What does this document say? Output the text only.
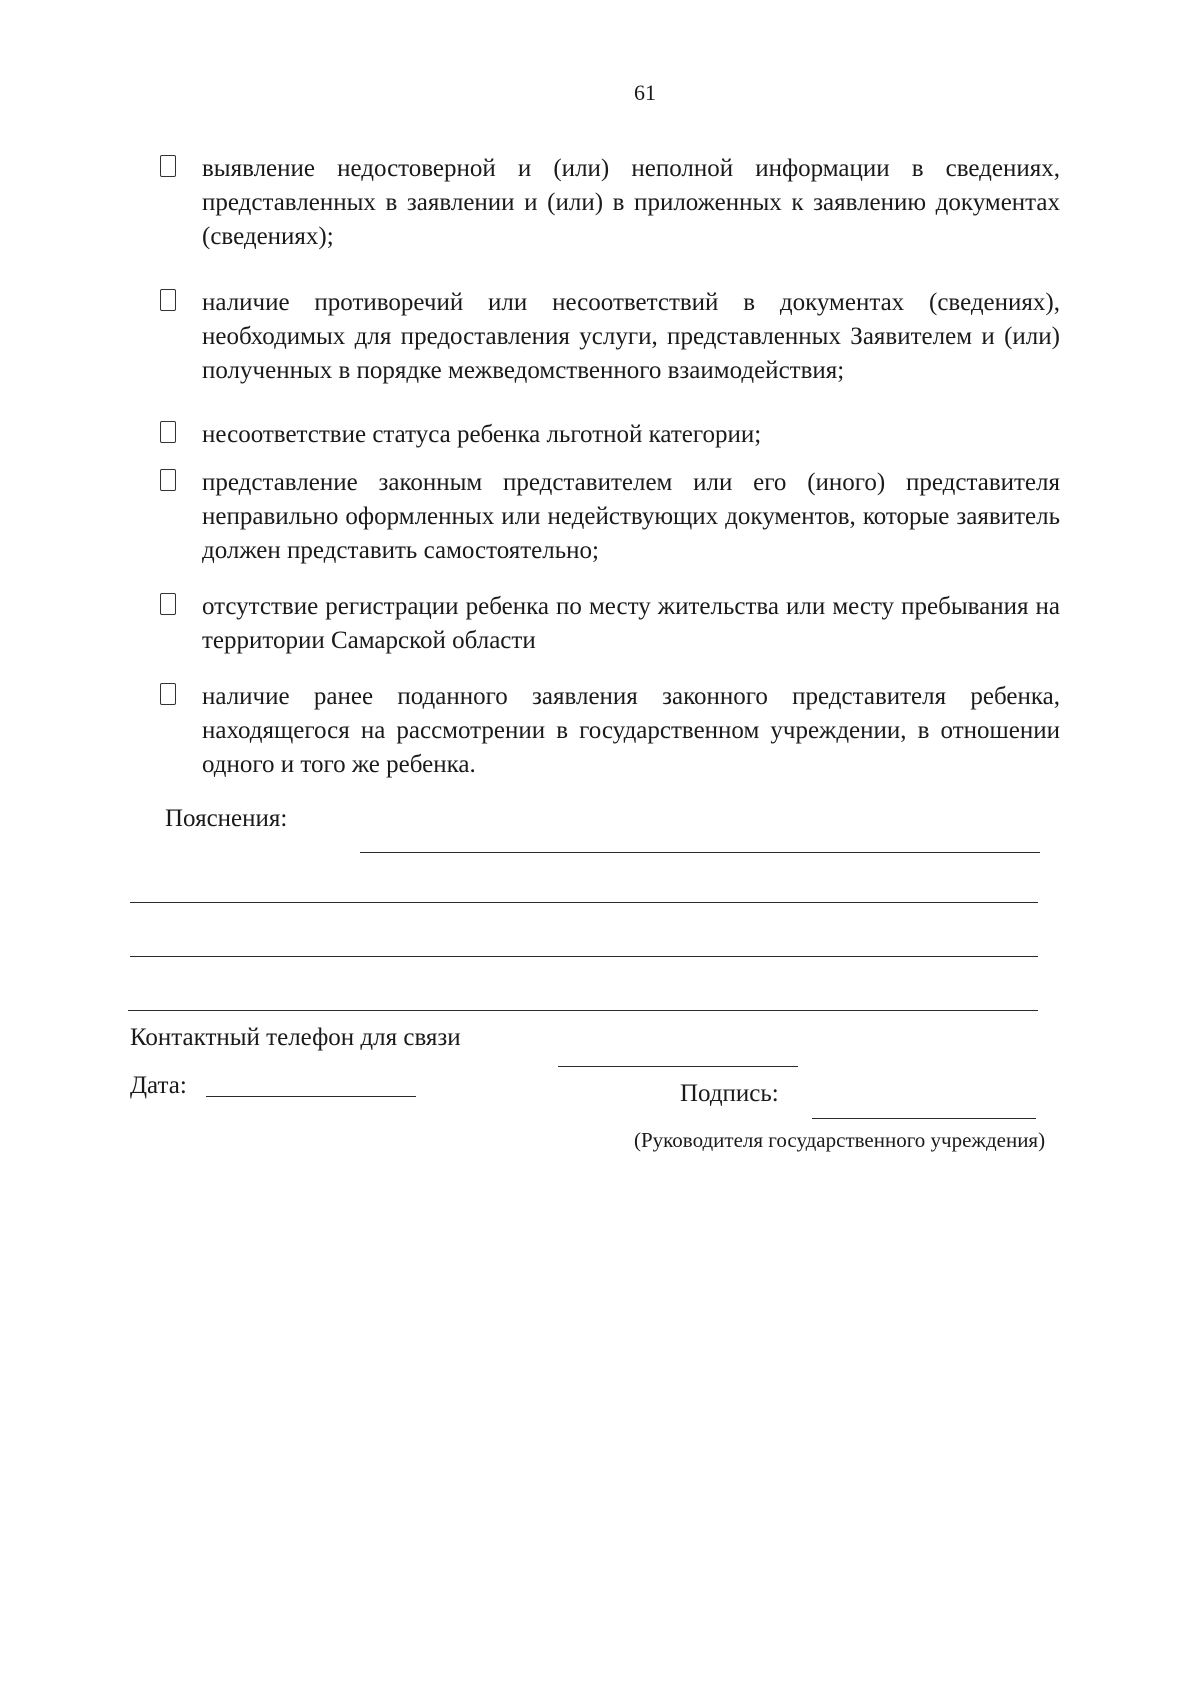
61
выявление недостоверной и (или) неполной информации в сведениях, представленных в заявлении и (или) в приложенных к заявлению документах (сведениях);
наличие противоречий или несоответствий в документах (сведениях), необходимых для предоставления услуги, представленных Заявителем и (или) полученных в порядке межведомственного взаимодействия;
несоответствие статуса ребенка льготной категории;
представление законным представителем или его (иного) представителя неправильно оформленных или недействующих документов, которые заявитель должен представить самостоятельно;
отсутствие регистрации ребенка по месту жительства или месту пребывания на территории Самарской области
наличие ранее поданного заявления законного представителя ребенка, находящегося на рассмотрении в государственном учреждении, в отношении одного и того же ребенка.
Пояснения:
Контактный телефон для связи
Дата:	Подпись:
(Руководителя государственного учреждения)
